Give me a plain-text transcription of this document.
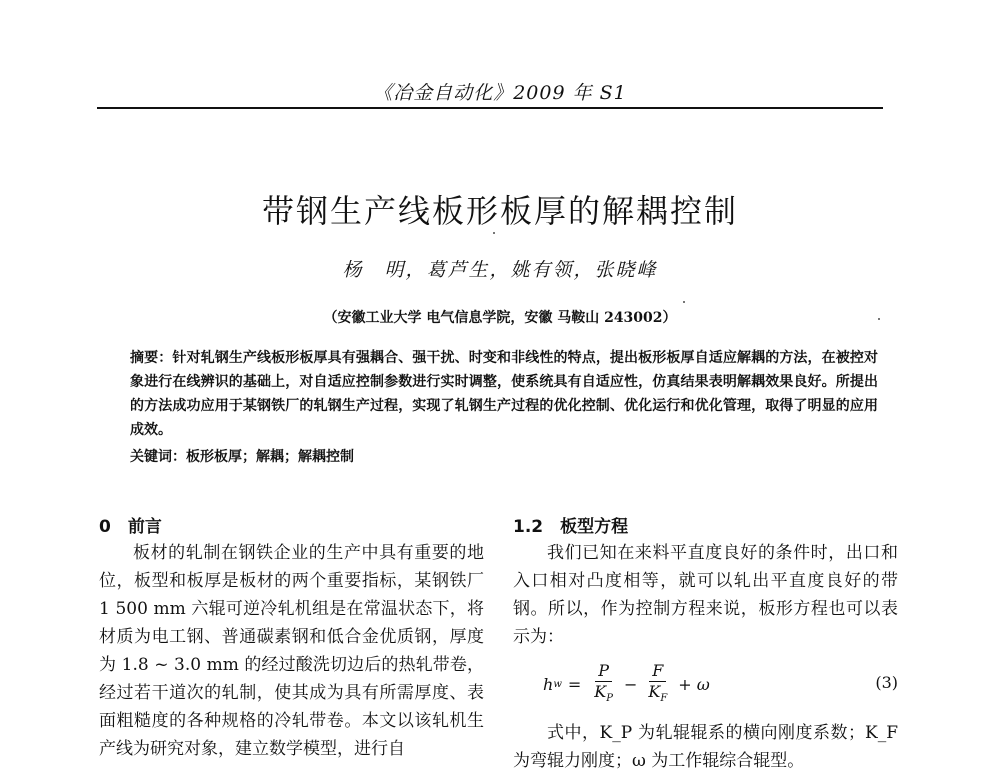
《冶金自动化》2009 年 S1
带钢生产线板形板厚的解耦控制
杨　明，葛芦生，姚有领，张晓峰
（安徽工业大学 电气信息学院，安徽 马鞍山 243002）
摘要：针对轧钢生产线板形板厚具有强耦合、强干扰、时变和非线性的特点，提出板形板厚自适应解耦的方法，在被控对象进行在线辨识的基础上，对自适应控制参数进行实时调整，使系统具有自适应性，仿真结果表明解耦效果良好。所提出的方法成功应用于某钢铁厂的轧钢生产过程，实现了轧钢生产过程的优化控制、优化运行和优化管理，取得了明显的应用成效。
关键词：板形板厚；解耦；解耦控制
0　前言
板材的轧制在钢铁企业的生产中具有重要的地位，板型和板厚是板材的两个重要指标，某钢铁厂 1 500 mm 六辊可逆冷轧机组是在常温状态下，将材质为电工钢、普通碳素钢和低合金优质钢，厚度为 1.8 ~ 3.0 mm 的经过酸洗切边后的热轧带卷，经过若干道次的轧制，使其成为具有所需厚度、表面粗糙度的各种规格的冷轧带卷。本文以该轧机生产线为研究对象，建立数学模型，进行自
1.2　板型方程
我们已知在来料平直度良好的条件时，出口和入口相对凸度相等，就可以轧出平直度良好的带钢。所以，作为控制方程来说，板形方程也可以表示为：
h $w = \frac{P}{K_P} - \frac{F}{K_F} + \omega$	(3)
式中，K_P 为轧辊辊系的横向刚度系数；K_F 为弯辊力刚度；ω 为工作辊综合辊型。
